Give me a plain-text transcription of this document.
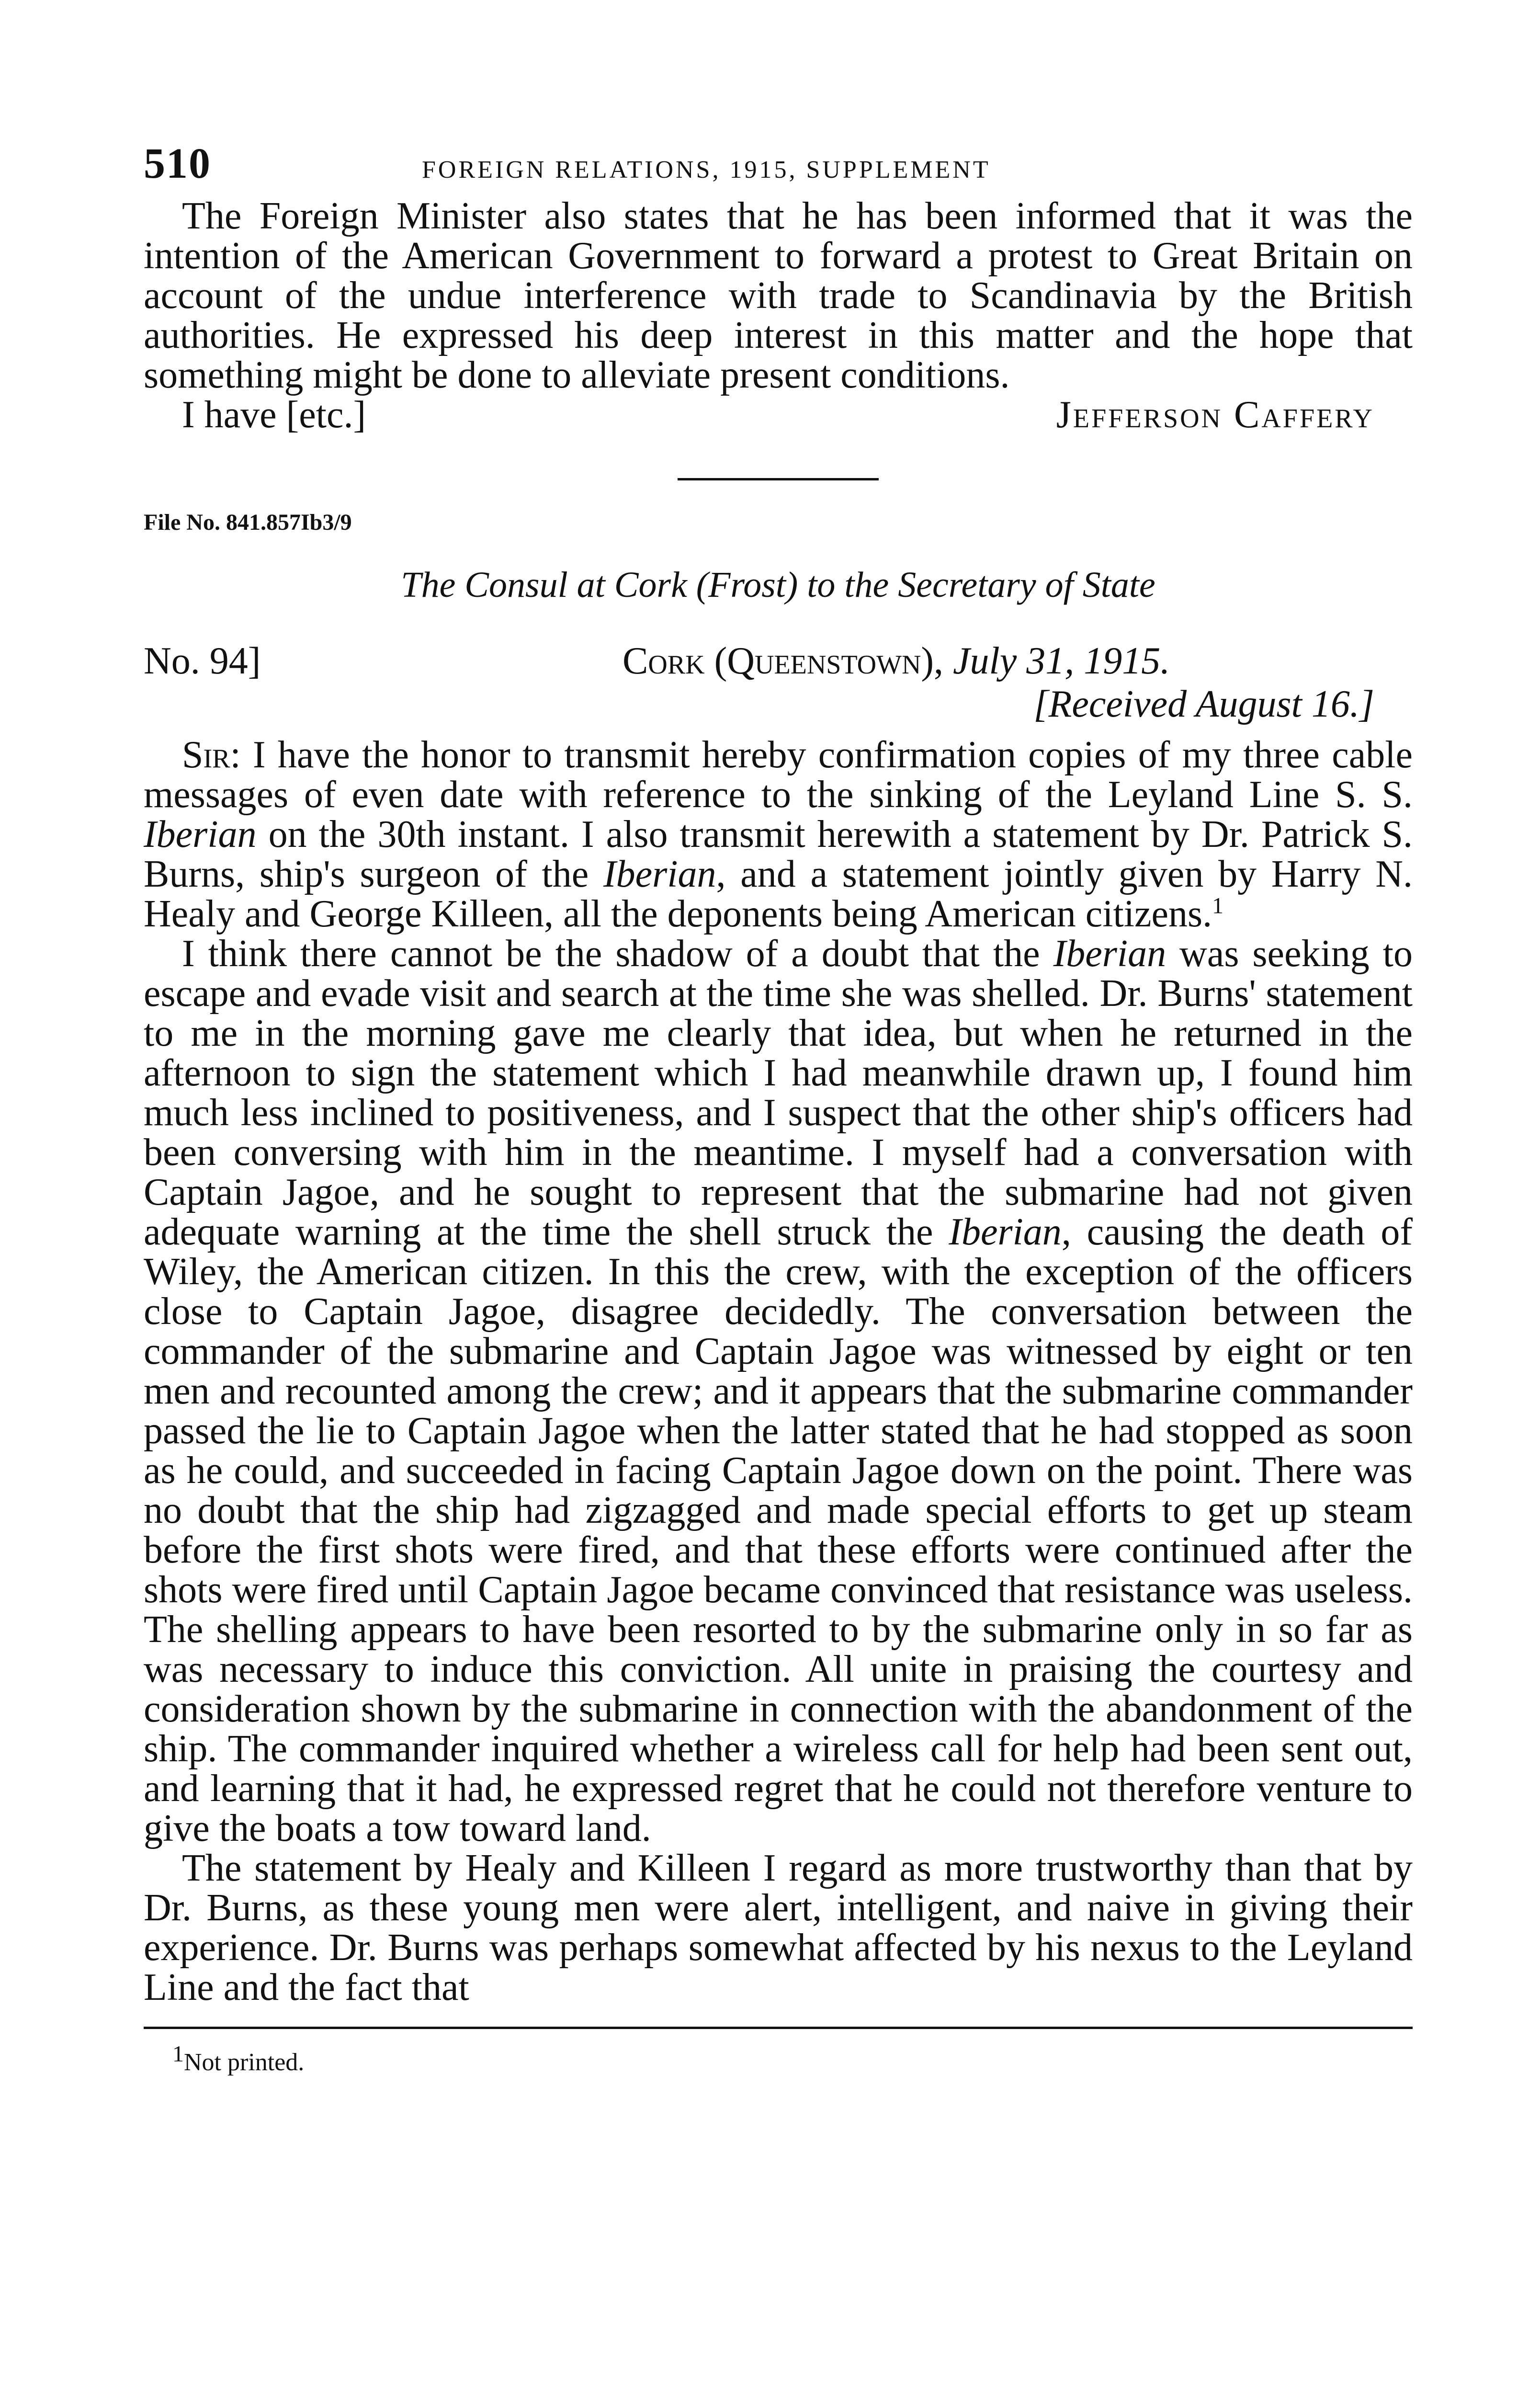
510	FOREIGN RELATIONS, 1915, SUPPLEMENT

The Foreign Minister also states that he has been informed that it was the intention of the American Government to forward a protest to Great Britain on account of the undue interference with trade to Scandinavia by the British authorities. He expressed his deep interest in this matter and the hope that something might be done to alleviate present conditions.

I have [etc.]	Jefferson Caffery
File No. 841.857Ib3/9
The Consul at Cork (Frost) to the Secretary of State
No. 94]	Cork (Queenstown), July 31, 1915.
[Received August 16.]

Sir: I have the honor to transmit hereby confirmation copies of my three cable messages of even date with reference to the sinking of the Leyland Line S. S. Iberian on the 30th instant. I also transmit herewith a statement by Dr. Patrick S. Burns, ship's surgeon of the Iberian, and a statement jointly given by Harry N. Healy and George Killeen, all the deponents being American citizens.$^1$

I think there cannot be the shadow of a doubt that the Iberian was seeking to escape and evade visit and search at the time she was shelled. Dr. Burns' statement to me in the morning gave me clearly that idea, but when he returned in the afternoon to sign the statement which I had meanwhile drawn up, I found him much less inclined to positiveness, and I suspect that the other ship's officers had been conversing with him in the meantime. I myself had a conversation with Captain Jagoe, and he sought to represent that the submarine had not given adequate warning at the time the shell struck the Iberian, causing the death of Wiley, the American citizen. In this the crew, with the exception of the officers close to Captain Jagoe, disagree decidedly. The conversation between the commander of the submarine and Captain Jagoe was witnessed by eight or ten men and recounted among the crew; and it appears that the submarine commander passed the lie to Captain Jagoe when the latter stated that he had stopped as soon as he could, and succeeded in facing Captain Jagoe down on the point. There was no doubt that the ship had zigzagged and made special efforts to get up steam before the first shots were fired, and that these efforts were continued after the shots were fired until Captain Jagoe became convinced that resistance was useless. The shelling appears to have been resorted to by the submarine only in so far as was necessary to induce this conviction. All unite in praising the courtesy and consideration shown by the submarine in connection with the abandonment of the ship. The commander inquired whether a wireless call for help had been sent out, and learning that it had, he expressed regret that he could not therefore venture to give the boats a tow toward land.

The statement by Healy and Killeen I regard as more trustworthy than that by Dr. Burns, as these young men were alert, intelligent, and naive in giving their experience. Dr. Burns was perhaps somewhat affected by his nexus to the Leyland Line and the fact that

$^1$Not printed.
